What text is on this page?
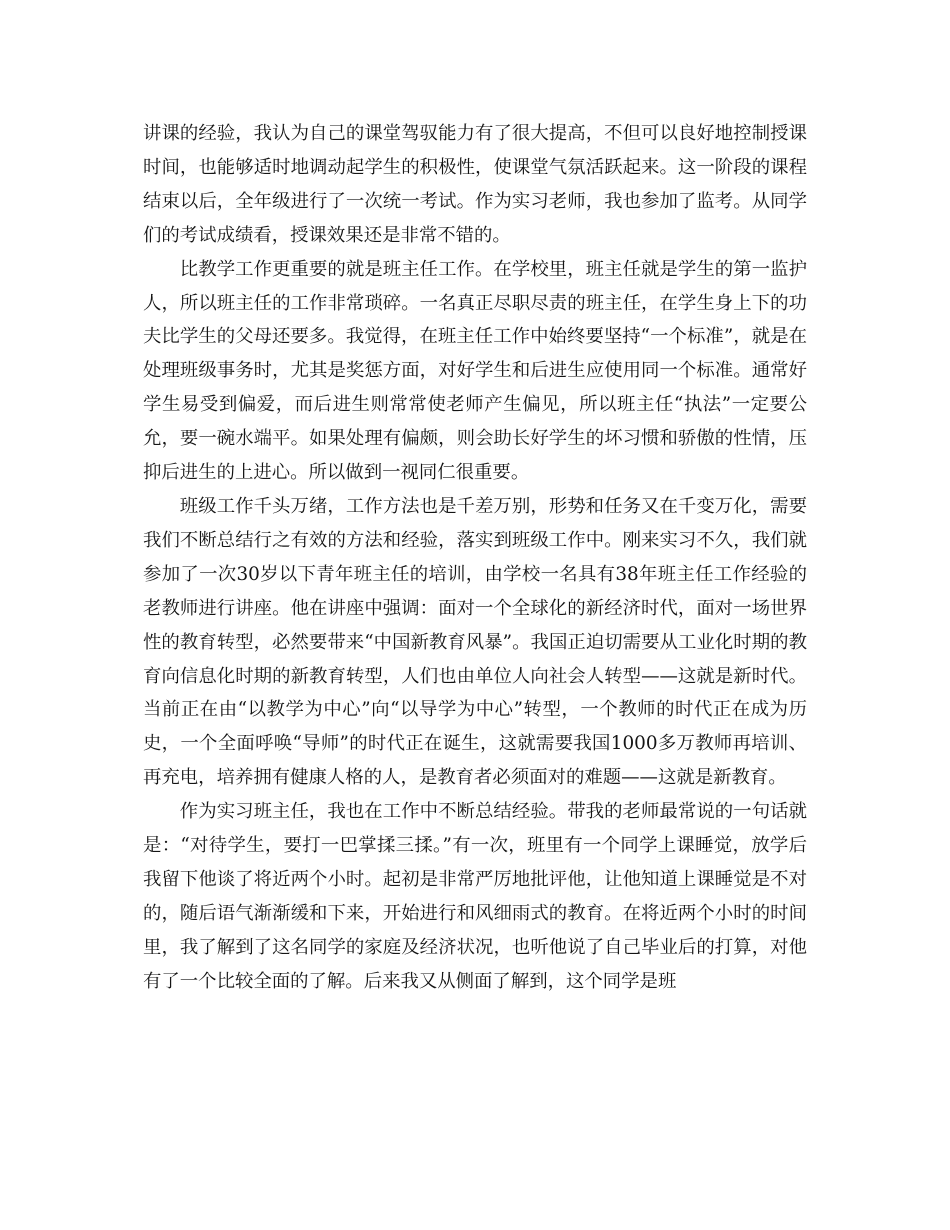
讲课的经验，我认为自己的课堂驾驭能力有了很大提高，不但可以良好地控制授课时间，也能够适时地调动起学生的积极性，使课堂气氛活跃起来。这一阶段的课程结束以后，全年级进行了一次统一考试。作为实习老师，我也参加了监考。从同学们的考试成绩看，授课效果还是非常不错的。

比教学工作更重要的就是班主任工作。在学校里，班主任就是学生的第一监护人，所以班主任的工作非常琐碎。一名真正尽职尽责的班主任，在学生身上下的功夫比学生的父母还要多。我觉得，在班主任工作中始终要坚持“一个标准”，就是在处理班级事务时，尤其是奖惩方面，对好学生和后进生应使用同一个标准。通常好学生易受到偏爱，而后进生则常常使老师产生偏见，所以班主任“执法”一定要公允，要一碗水端平。如果处理有偏颇，则会助长好学生的坏习惯和骄傲的性情，压抑后进生的上进心。所以做到一视同仁很重要。

班级工作千头万绪，工作方法也是千差万别，形势和任务又在千变万化，需要我们不断总结行之有效的方法和经验，落实到班级工作中。刚来实习不久，我们就参加了一次30岁以下青年班主任的培训，由学校一名具有38年班主任工作经验的老教师进行讲座。他在讲座中强调：面对一个全球化的新经济时代，面对一场世界性的教育转型，必然要带来“中国新教育风暴”。我国正迫切需要从工业化时期的教育向信息化时期的新教育转型，人们也由单位人向社会人转型——这就是新时代。当前正在由“以教学为中心”向“以导学为中心”转型，一个教师的时代正在成为历史，一个全面呼唤“导师”的时代正在诞生，这就需要我国1000多万教师再培训、再充电，培养拥有健康人格的人，是教育者必须面对的难题——这就是新教育。

作为实习班主任，我也在工作中不断总结经验。带我的老师最常说的一句话就是：“对待学生，要打一巴掌揉三揉。”有一次，班里有一个同学上课睡觉，放学后我留下他谈了将近两个小时。起初是非常严厉地批评他，让他知道上课睡觉是不对的，随后语气渐渐缓和下来，开始进行和风细雨式的教育。在将近两个小时的时间里，我了解到了这名同学的家庭及经济状况，也听他说了自己毕业后的打算，对他有了一个比较全面的了解。后来我又从侧面了解到，这个同学是班
